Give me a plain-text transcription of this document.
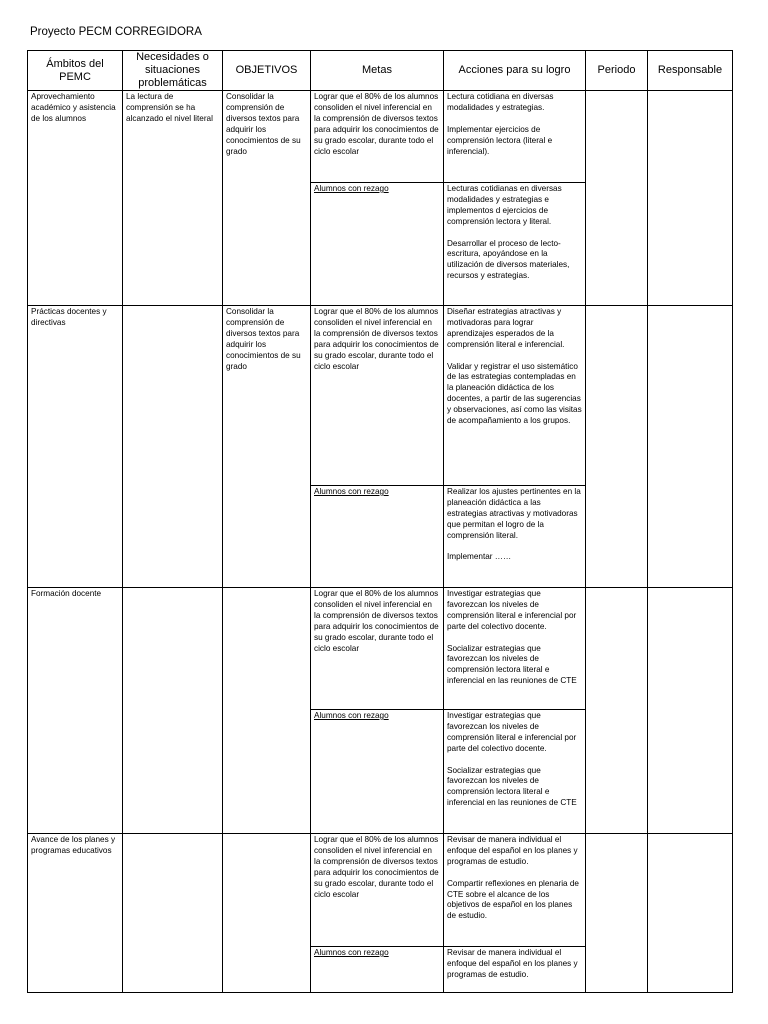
Proyecto PECM CORREGIDORA
Ámbitos del PEMC	Necesidades o situaciones problemáticas	OBJETIVOS	Metas	Acciones para su logro	Periodo	Responsable
Aprovechamiento académico y asistencia de los alumnos	La lectura de comprensión se ha alcanzado el nivel literal	Consolidar la comprensión de diversos textos para adquirir los conocimientos de su grado	Lograr que el 80% de los alumnos consoliden el nivel inferencial en la comprensión de diversos textos para adquirir los conocimientos de su grado escolar, durante todo el ciclo escolar	Lectura cotidiana en diversas modalidades y estrategias.

Implementar ejercicios de comprensión lectora (literal e inferencial).		
			Alumnos con rezago	Lecturas cotidianas en diversas modalidades y estrategias e implementos d ejercicios de comprensión lectora y literal.

Desarrollar el proceso de lecto-escritura, apoyándose en la utilización de diversos materiales, recursos y estrategias.		
Prácticas docentes y directivas		Consolidar la comprensión de diversos textos para adquirir los conocimientos de su grado	Lograr que el 80% de los alumnos consoliden el nivel inferencial en la comprensión de diversos textos para adquirir los conocimientos de su grado escolar, durante todo el ciclo escolar	Diseñar estrategias atractivas y motivadoras para lograr aprendizajes esperados de la comprensión literal e inferencial.

Validar y registrar el uso sistemático de las estrategias contempladas en la planeación didáctica de los docentes, a partir de las sugerencias y observaciones, así como las visitas de acompañamiento a los grupos.		
			Alumnos con rezago	Realizar los ajustes pertinentes en la planeación didáctica a las estrategias atractivas y motivadoras que permitan el logro de la comprensión literal.

Implementar ……		
Formación docente			Lograr que el 80% de los alumnos consoliden el nivel inferencial en la comprensión de diversos textos para adquirir los conocimientos de su grado escolar, durante todo el ciclo escolar	Investigar estrategias que favorezcan los niveles de comprensión literal e inferencial por parte del colectivo docente.

Socializar estrategias que favorezcan los niveles de comprensión lectora literal e inferencial en las reuniones de CTE		
			Alumnos con rezago	Investigar estrategias que favorezcan los niveles de comprensión literal e inferencial por parte del colectivo docente.

Socializar estrategias que favorezcan los niveles de comprensión lectora literal e inferencial en las reuniones de CTE		
Avance de los planes y programas educativos			Lograr que el 80% de los alumnos consoliden el nivel inferencial en la comprensión de diversos textos para adquirir los conocimientos de su grado escolar, durante todo el ciclo escolar	Revisar de manera individual el enfoque del español en los planes y programas de estudio.

Compartir reflexiones en plenaria de CTE sobre el alcance de los objetivos de español en los planes de estudio.		
			Alumnos con rezago	Revisar de manera individual el enfoque del español en los planes y programas de estudio.		
